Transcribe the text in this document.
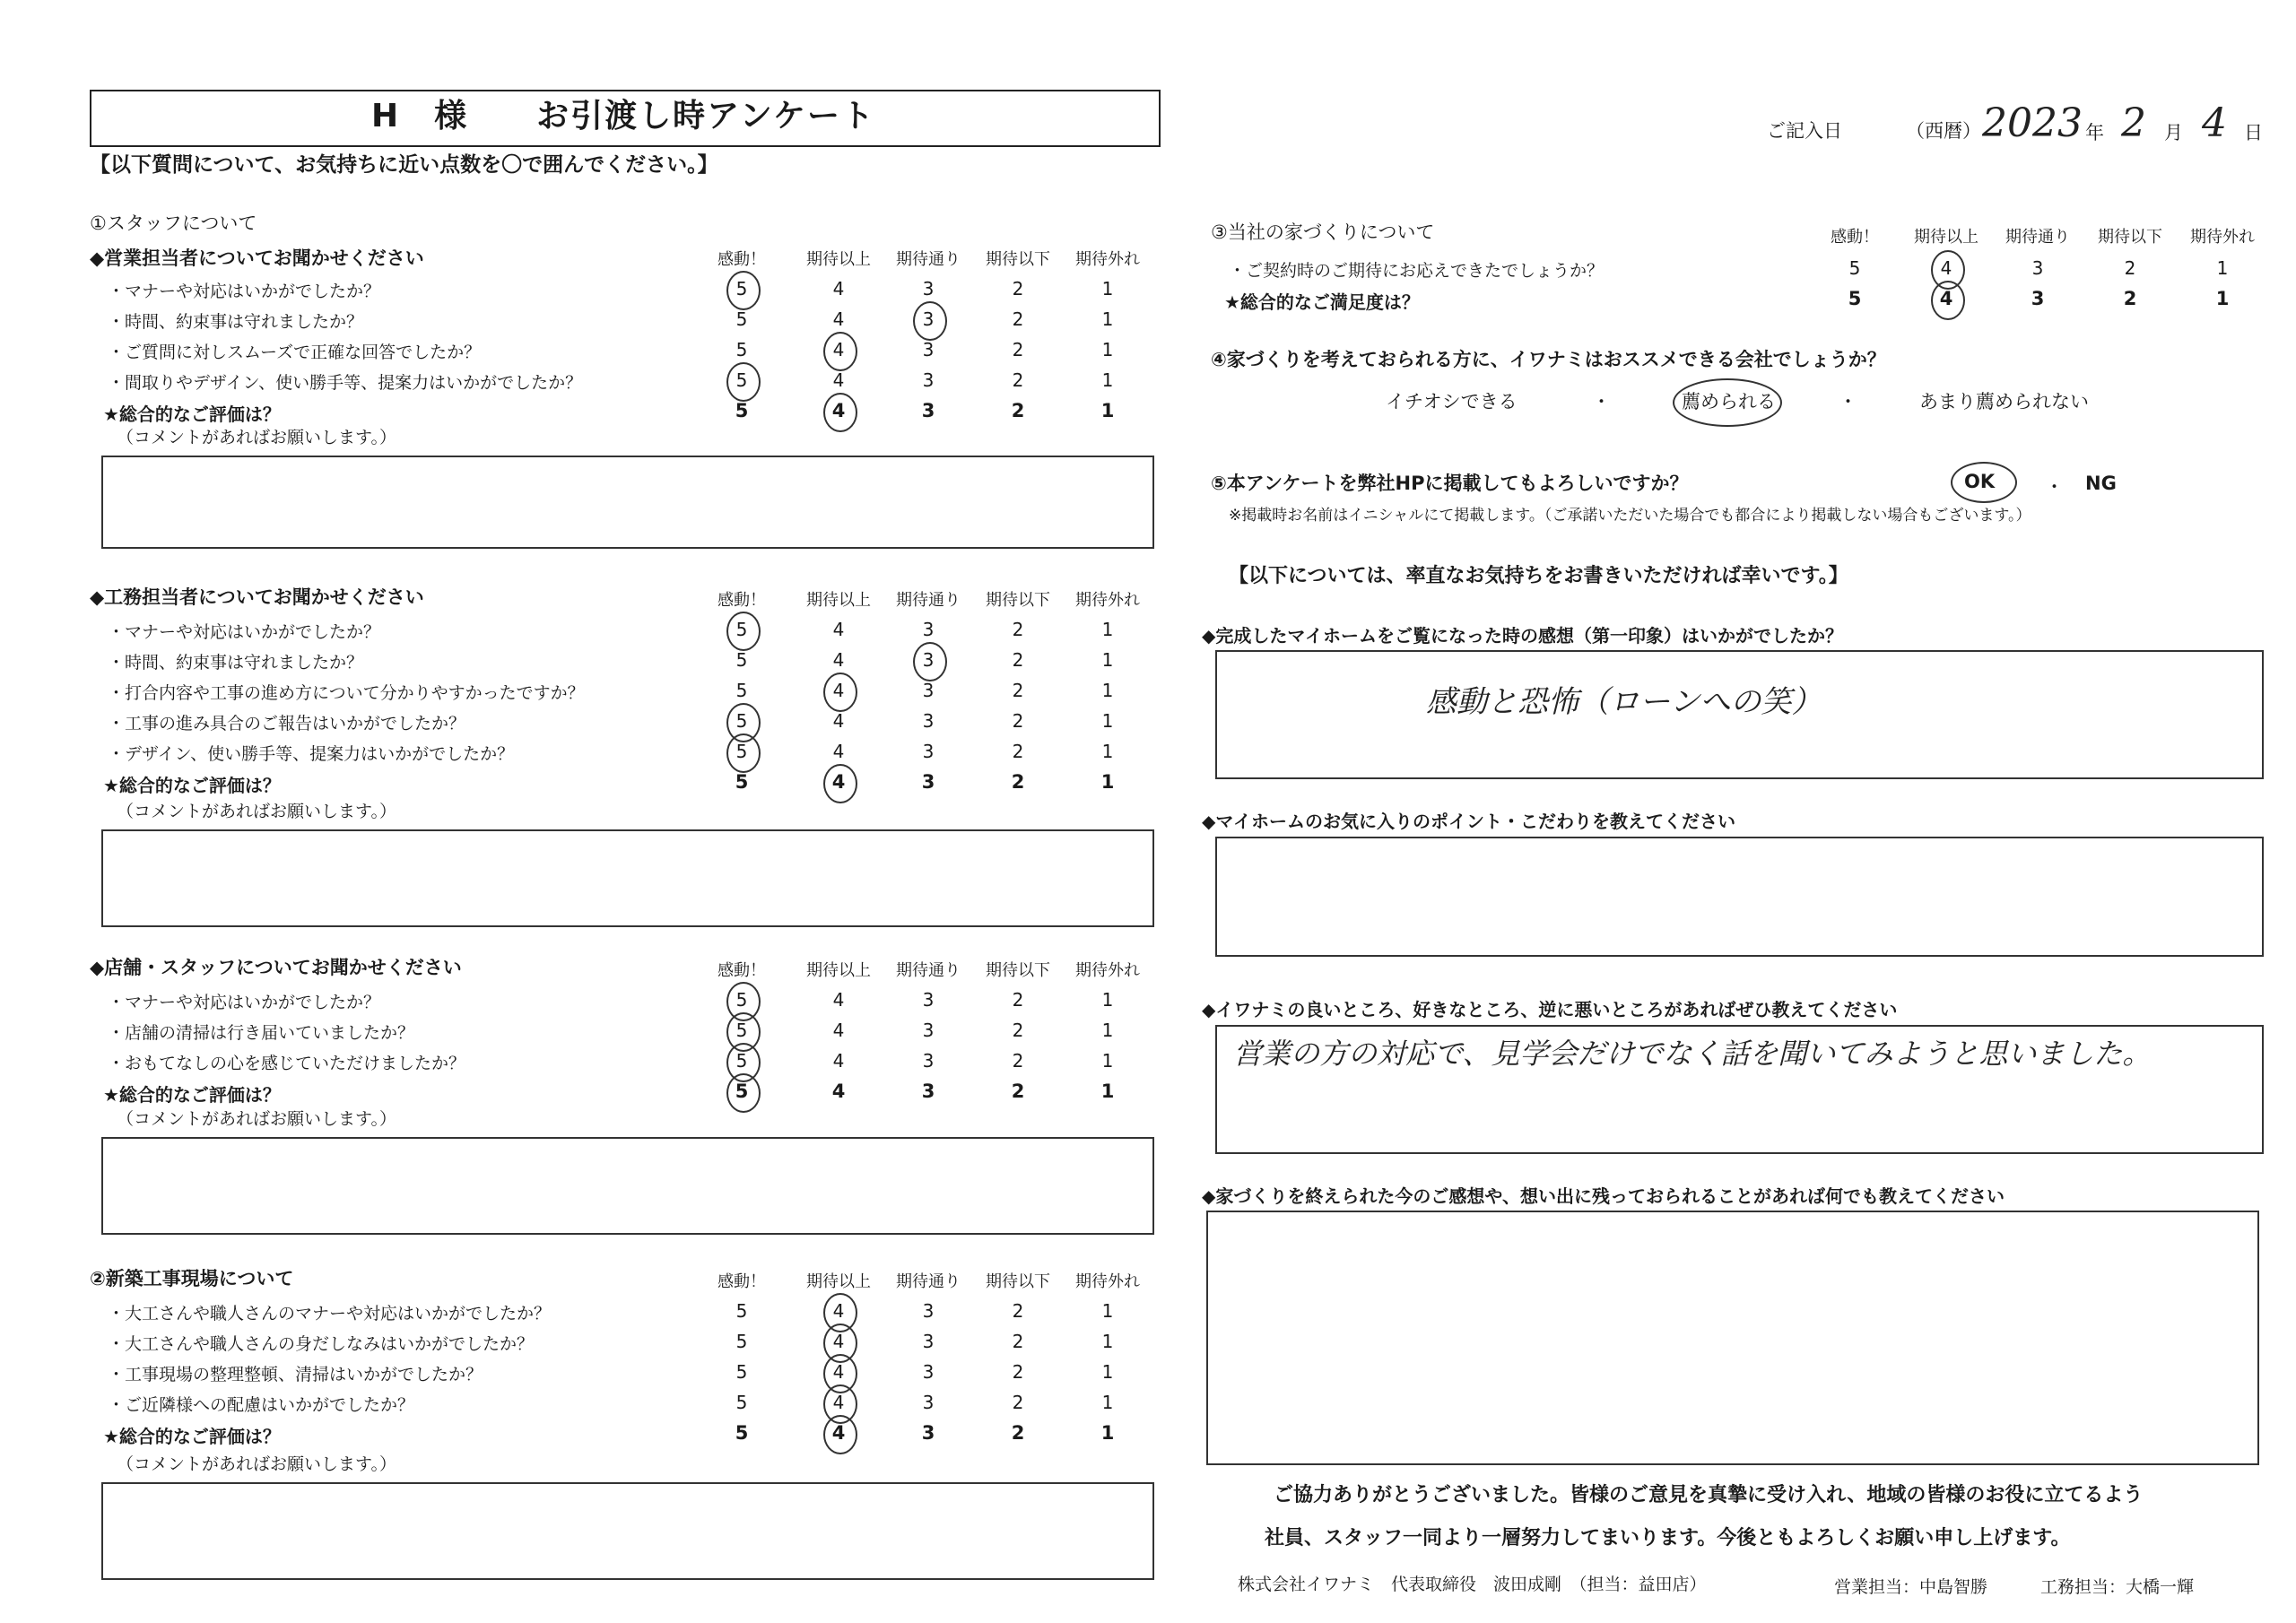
H　様　　お引渡し時アンケート
【以下質問について、お気持ちに近い点数を〇で囲んでください。】
ご記入日	（西暦） 2023 年 2 月 4 日
①スタッフについて
◆営業担当者についてお聞かせください	感動！	期待以上	期待通り	期待以下	期待外れ
・マナーや対応はいかがでしたか？	5	4	3	2	1
・時間、約束事は守れましたか？	5	4	3	2	1
・ご質問に対しスムーズで正確な回答でしたか？	5	4	3	2	1
・間取りやデザイン、使い勝手等、提案力はいかがでしたか？	5	4	3	2	1
★総合的なご評価は？	5	4	3	2	1
（コメントがあればお願いします。）
◆工務担当者についてお聞かせください	感動！	期待以上	期待通り	期待以下	期待外れ
・マナーや対応はいかがでしたか？	5	4	3	2	1
・時間、約束事は守れましたか？	5	4	3	2	1
・打合内容や工事の進め方について分かりやすかったですか？	5	4	3	2	1
・工事の進み具合のご報告はいかがでしたか？	5	4	3	2	1
・デザイン、使い勝手等、提案力はいかがでしたか？	5	4	3	2	1
★総合的なご評価は？	5	4	3	2	1
（コメントがあればお願いします。）
◆店舗・スタッフについてお聞かせください	感動！	期待以上	期待通り	期待以下	期待外れ
・マナーや対応はいかがでしたか？	5	4	3	2	1
・店舗の清掃は行き届いていましたか？	5	4	3	2	1
・おもてなしの心を感じていただけましたか？	5	4	3	2	1
★総合的なご評価は？	5	4	3	2	1
（コメントがあればお願いします。）
②新築工事現場について	感動！	期待以上	期待通り	期待以下	期待外れ
・大工さんや職人さんのマナーや対応はいかがでしたか？	5	4	3	2	1
・大工さんや職人さんの身だしなみはいかがでしたか？	5	4	3	2	1
・工事現場の整理整頓、清掃はいかがでしたか？	5	4	3	2	1
・ご近隣様への配慮はいかがでしたか？	5	4	3	2	1
★総合的なご評価は？	5	4	3	2	1
（コメントがあればお願いします。）
③当社の家づくりについて	感動！	期待以上	期待通り	期待以下	期待外れ
・ご契約時のご期待にお応えできたでしょうか？	5	4	3	2	1
★総合的なご満足度は？	5	4	3	2	1
④家づくりを考えておられる方に、イワナミはおススメできる会社でしょうか？
イチオシできる	・	薦められる	・	あまり薦められない
⑤本アンケートを弊社HPに掲載してもよろしいですか？	OK	・ NG
※掲載時お名前はイニシャルにて掲載します。（ご承諾いただいた場合でも都合により掲載しない場合もございます。）
【以下については、率直なお気持ちをお書きいただければ幸いです。】
◆完成したマイホームをご覧になった時の感想（第一印象）はいかがでしたか？
感動と恐怖（ローンへの笑）
◆マイホームのお気に入りのポイント・こだわりを教えてください
◆イワナミの良いところ、好きなところ、逆に悪いところがあればぜひ教えてください
営業の方の対応で、見学会だけでなく話を聞いてみようと思いました。
◆家づくりを終えられた今のご感想や、想い出に残っておられることがあれば何でも教えてください
ご協力ありがとうございました。皆様のご意見を真摯に受け入れ、地域の皆様のお役に立てるよう
社員、スタッフ一同より一層努力してまいります。今後ともよろしくお願い申し上げます。
株式会社イワナミ　代表取締役　波田成剛　（担当：益田店）	営業担当：中島智勝	工務担当：大橋一輝
